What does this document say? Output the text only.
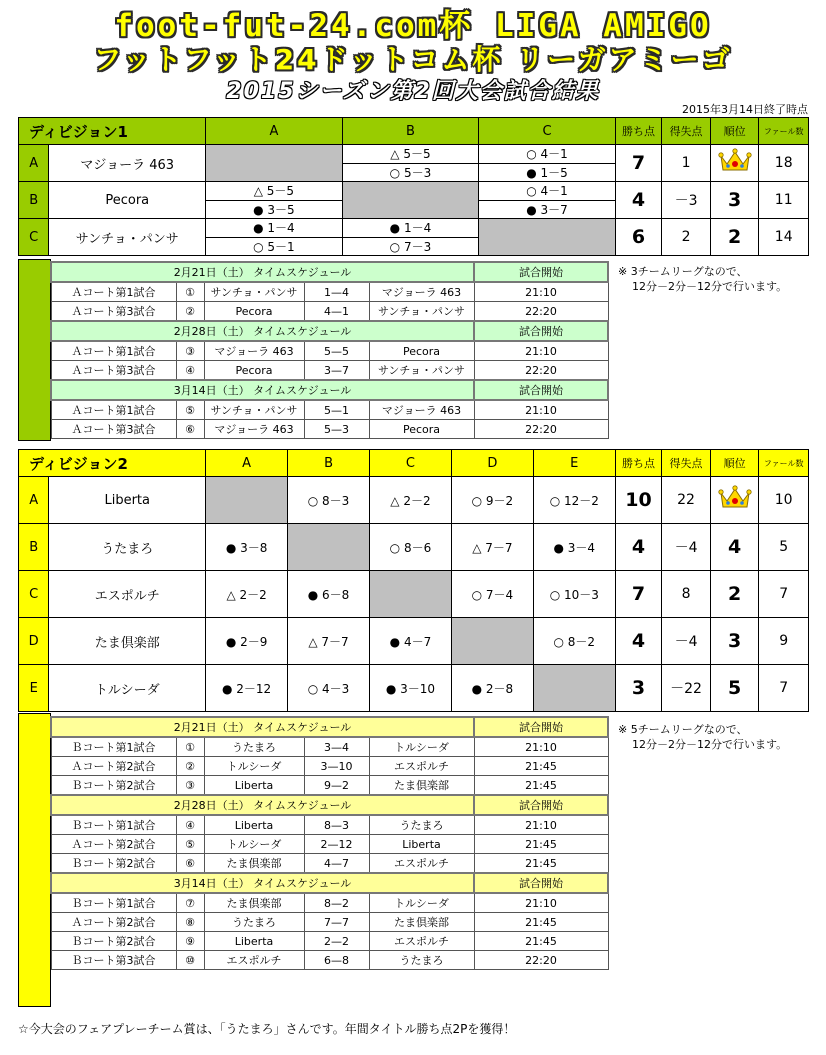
foot-fut-24.com杯 LIGA AMIGO
フットフット24ドットコム杯 リーガアミーゴ
2015シーズン第2回大会試合結果
2015年3月14日終了時点
ディビジョン1		A	B	C	勝ち点	得失点	順位	ファール数
A	マジョーラ 463		△ 5－5	○ 4－1	7	1		18
			○ 5－3	● 1－5				
B	Pecora	△ 5－5		○ 4－1	4	－3	3	11
		● 3－5		● 3－7				
C	サンチョ・パンサ	● 1－4	● 1－4		6	2	2	14
		○ 5－1	○ 7－3					
2月21日（土） タイムスケジュール					試合開始
Ａコート第1試合	①	サンチョ・パンサ	1—4	マジョーラ 463	21:10
Ａコート第3試合	②	Pecora	4—1	サンチョ・パンサ	22:20
2月28日（土） タイムスケジュール					試合開始
Ａコート第1試合	③	マジョーラ 463	5—5	Pecora	21:10
Ａコート第3試合	④	Pecora	3—7	サンチョ・パンサ	22:20
3月14日（土） タイムスケジュール					試合開始
Ａコート第1試合	⑤	サンチョ・パンサ	5—1	マジョーラ 463	21:10
Ａコート第3試合	⑥	マジョーラ 463	5—3	Pecora	22:20
※ 3チームリーグなので、
12分－2分－12分で行います。
ディビジョン2		A	B	C	D	E	勝ち点	得失点	順位	ファール数
A	Liberta		○ 8－3	△ 2－2	○ 9－2	○ 12－2	10	22		10
B	うたまろ	● 3－8		○ 8－6	△ 7－7	● 3－4	4	－4	4	5
C	エスポルチ	△ 2－2	● 6－8		○ 7－4	○ 10－3	7	8	2	7
D	たま倶楽部	● 2－9	△ 7－7	● 4－7		○ 8－2	4	－4	3	9
E	トルシーダ	● 2－12	○ 4－3	● 3－10	● 2－8		3	－22	5	7
2月21日（土） タイムスケジュール					試合開始
Ｂコート第1試合	①	うたまろ	3—4	トルシーダ	21:10
Ａコート第2試合	②	トルシーダ	3—10	エスポルチ	21:45
Ｂコート第2試合	③	Liberta	9—2	たま倶楽部	21:45
2月28日（土） タイムスケジュール					試合開始
Ｂコート第1試合	④	Liberta	8—3	うたまろ	21:10
Ａコート第2試合	⑤	トルシーダ	2—12	Liberta	21:45
Ｂコート第2試合	⑥	たま倶楽部	4—7	エスポルチ	21:45
3月14日（土） タイムスケジュール					試合開始
Ｂコート第1試合	⑦	たま倶楽部	8—2	トルシーダ	21:10
Ａコート第2試合	⑧	うたまろ	7—7	たま倶楽部	21:45
Ｂコート第2試合	⑨	Liberta	2—2	エスポルチ	21:45
Ｂコート第3試合	⑩	エスポルチ	6—8	うたまろ	22:20
※ 5チームリーグなので、
12分－2分－12分で行います。
☆今大会のフェアプレーチーム賞は、「うたまろ」さんです。年間タイトル勝ち点2Pを獲得！
